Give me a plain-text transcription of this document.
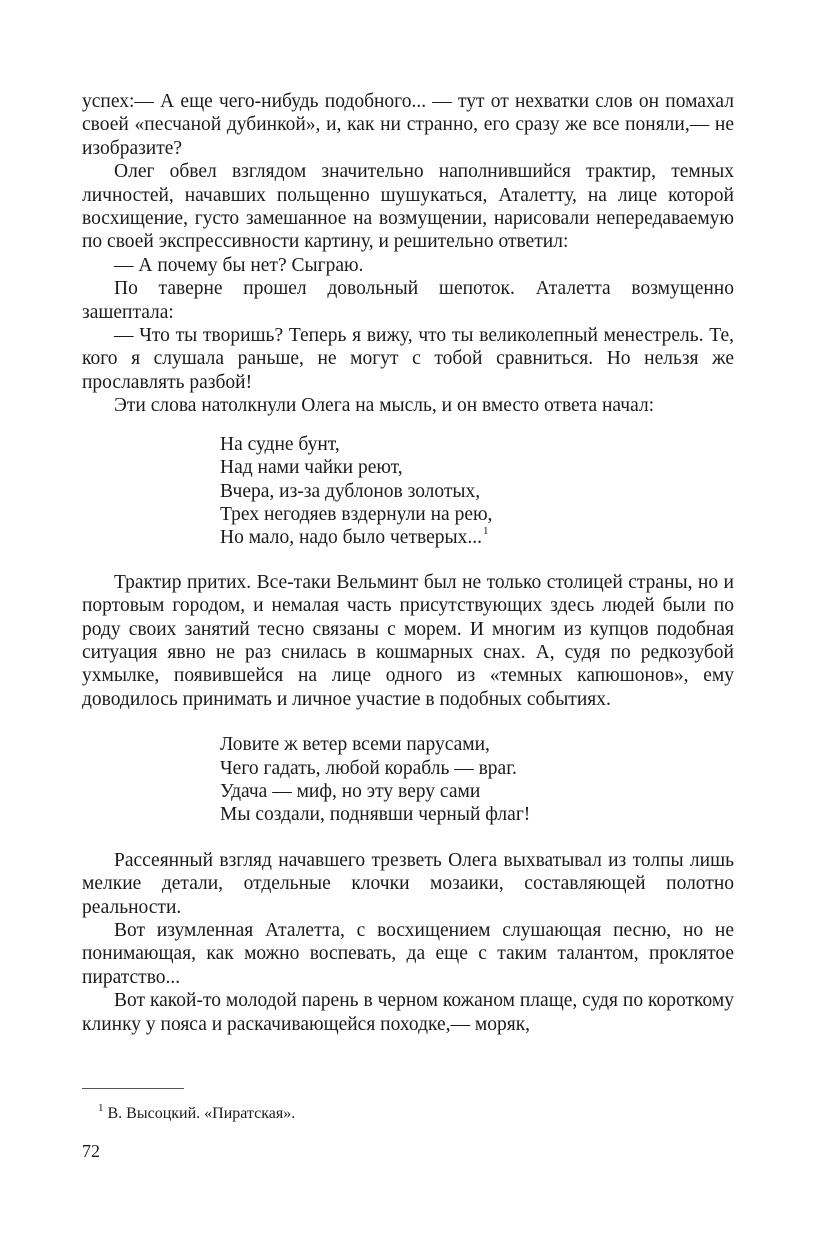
успех:— А еще чего-нибудь подобного... — тут от нехватки слов он помахал своей «песчаной дубинкой», и, как ни странно, его сразу же все поняли,— не изобразите?

Олег обвел взглядом значительно наполнившийся трактир, темных личностей, начавших польщенно шушукаться, Аталетту, на лице которой восхищение, густо замешанное на возмущении, нарисовали непередаваемую по своей экспрессивности картину, и решительно ответил:

— А почему бы нет? Сыграю.

По таверне прошел довольный шепоток. Аталетта возмущенно зашептала:

— Что ты творишь? Теперь я вижу, что ты великолепный менестрель. Те, кого я слушала раньше, не могут с тобой сравниться. Но нельзя же прославлять разбой!

Эти слова натолкнули Олега на мысль, и он вместо ответа начал:

На судне бунт,
Над нами чайки реют,
Вчера, из-за дублонов золотых,
Трех негодяев вздернули на рею,
Но мало, надо было четверых...$^1$

Трактир притих. Все-таки Вельминт был не только столицей страны, но и портовым городом, и немалая часть присутствующих здесь людей были по роду своих занятий тесно связаны с морем. И многим из купцов подобная ситуация явно не раз снилась в кошмарных снах. А, судя по редкозубой ухмылке, появившейся на лице одного из «темных капюшонов», ему доводилось принимать и личное участие в подобных событиях.

Ловите ж ветер всеми парусами,
Чего гадать, любой корабль — враг.
Удача — миф, но эту веру сами
Мы создали, поднявши черный флаг!

Рассеянный взгляд начавшего трезветь Олега выхватывал из толпы лишь мелкие детали, отдельные клочки мозаики, составляющей полотно реальности.

Вот изумленная Аталетта, с восхищением слушающая песню, но не понимающая, как можно воспевать, да еще с таким талантом, проклятое пиратство...

Вот какой-то молодой парень в черном кожаном плаще, судя по короткому клинку у пояса и раскачивающейся походке,— моряк,

$^1$ В. Высоцкий. «Пиратская».
72
